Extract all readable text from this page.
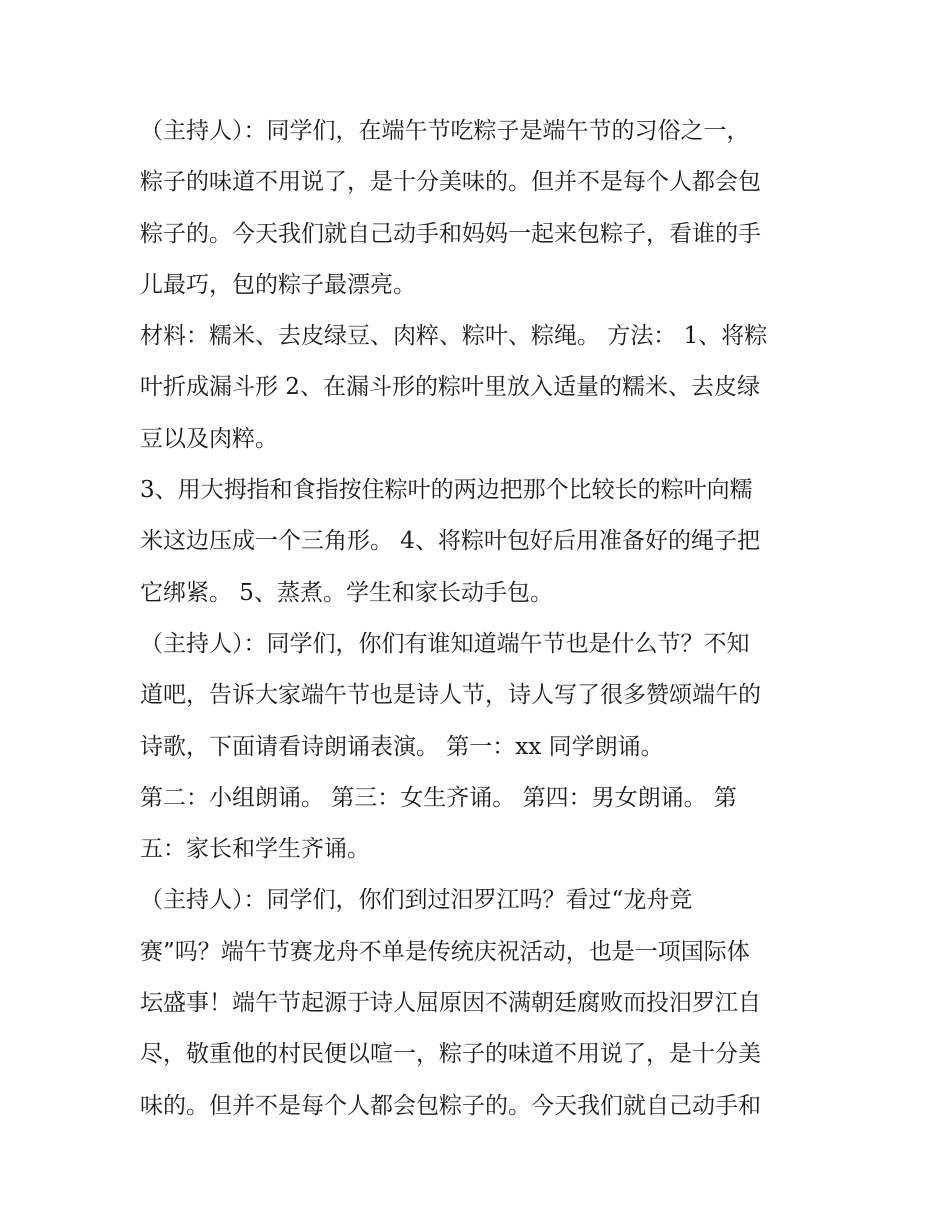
（主持人）：同学们，在端午节吃粽子是端午节的习俗之一，
粽子的味道不用说了，是十分美味的。但并不是每个人都会包
粽子的。今天我们就自己动手和妈妈一起来包粽子，看谁的手
儿最巧，包的粽子最漂亮。
材料：糯米、去皮绿豆、肉粹、粽叶、粽绳。 方法： 1、将粽
叶折成漏斗形 2、在漏斗形的粽叶里放入适量的糯米、去皮绿
豆以及肉粹。
3、用大拇指和食指按住粽叶的两边把那个比较长的粽叶向糯
米这边压成一个三角形。 4、将粽叶包好后用准备好的绳子把
它绑紧。 5、蒸煮。学生和家长动手包。
（主持人）：同学们，你们有谁知道端午节也是什么节？不知
道吧，告诉大家端午节也是诗人节，诗人写了很多赞颂端午的
诗歌，下面请看诗朗诵表演。 第一：xx 同学朗诵。
第二：小组朗诵。 第三：女生齐诵。 第四：男女朗诵。 第
五：家长和学生齐诵。
（主持人）：同学们，你们到过汨罗江吗？看过“龙舟竞
赛”吗？端午节赛龙舟不单是传统庆祝活动，也是一项国际体
坛盛事！端午节起源于诗人屈原因不满朝廷腐败而投汨罗江自
尽，敬重他的村民便以喧一，粽子的味道不用说了，是十分美
味的。但并不是每个人都会包粽子的。今天我们就自己动手和
